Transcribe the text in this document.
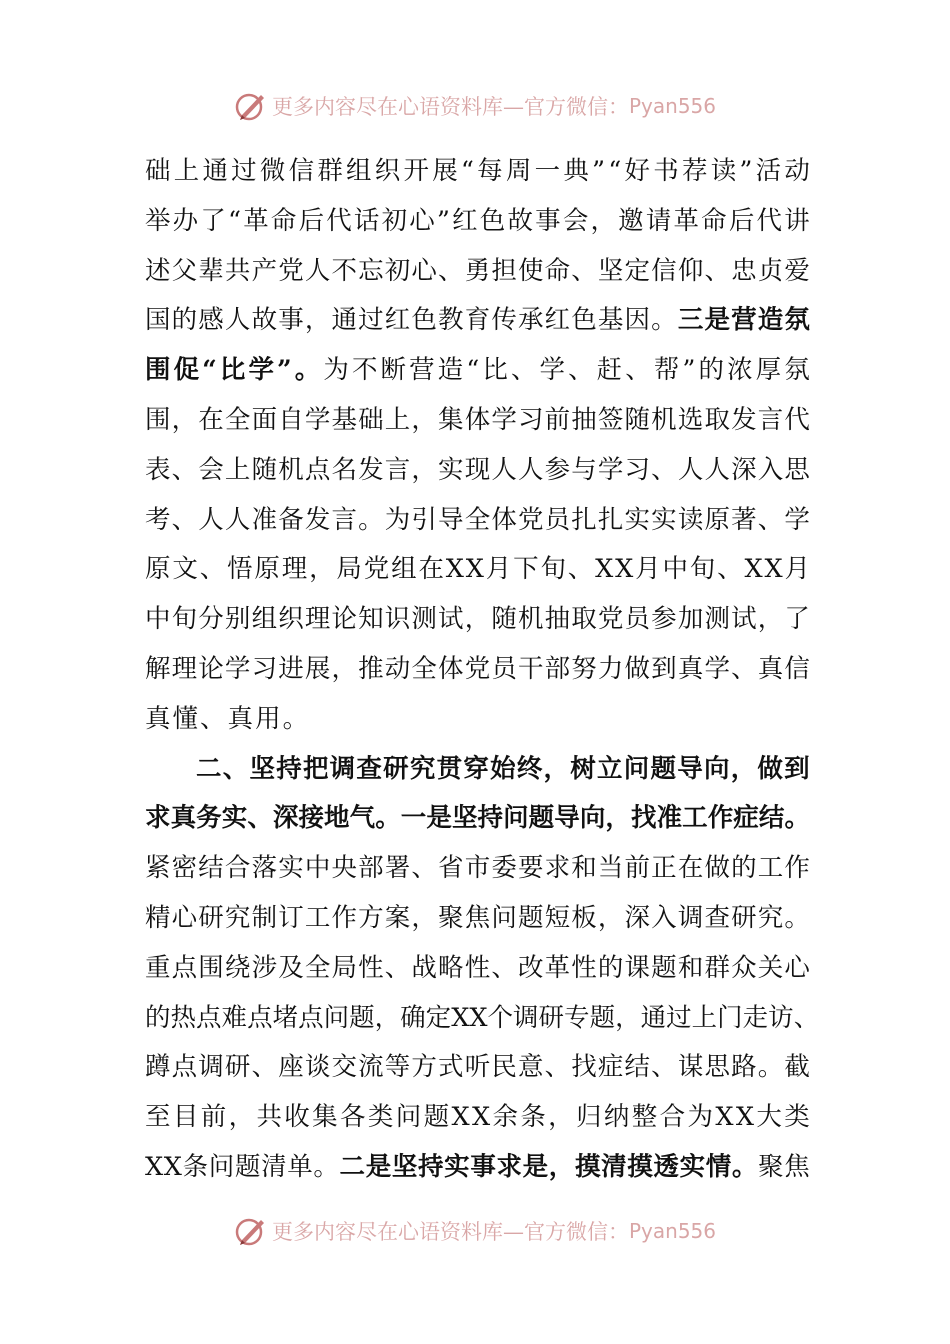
更多内容尽在心语资料库—官方微信： Pyan556
础 上 通 过 微 信 群 组 织 开 展 “ 每 周 一 典 ” “ 好 书 荐 读 ” 活 动
举 办 了 “ 革 命 后 代 话 初 心 ” 红 色 故 事 会 ， 邀 请 革 命 后 代 讲
述 父 辈 共 产 党 人 不 忘 初 心 、 勇 担 使 命 、 坚 定 信 仰 、 忠 贞 爱
国 的 感 人 故 事 ， 通 过 红 色 教 育 传 承 红 色 基 因 。 三 是 营 造 氛
围 促 “ 比 学 ” 。 为 不 断 营 造 “ 比 、 学 、 赶 、 帮 ” 的 浓 厚 氛
围 ， 在 全 面 自 学 基 础 上 ， 集 体 学 习 前 抽 签 随 机 选 取 发 言 代
表 、 会 上 随 机 点 名 发 言 ， 实 现 人 人 参 与 学 习 、 人 人 深 入 思
考 、 人 人 准 备 发 言 。 为 引 导 全 体 党 员 扎 扎 实 实 读 原 著 、 学
原 文 、 悟 原 理 ， 局 党 组 在 X X 月 下 旬 、 X X 月 中 旬 、 X X 月
中 旬 分 别 组 织 理 论 知 识 测 试 ， 随 机 抽 取 党 员 参 加 测 试 ， 了
解 理 论 学 习 进 展 ， 推 动 全 体 党 员 干 部 努 力 做 到 真 学 、 真 信
真 懂 、 真 用 。
二 、 坚 持 把 调 查 研 究 贯 穿 始 终 ， 树 立 问 题 导 向 ， 做 到
求 真 务 实 、 深 接 地 气 。 一 是 坚 持 问 题 导 向 ， 找 准 工 作 症 结 。
紧 密 结 合 落 实 中 央 部 署 、 省 市 委 要 求 和 当 前 正 在 做 的 工 作
精 心 研 究 制 订 工 作 方 案 ， 聚 焦 问 题 短 板 ， 深 入 调 查 研 究 。
重 点 围 绕 涉 及 全 局 性 、 战 略 性 、 改 革 性 的 课 题 和 群 众 关 心
的 热 点 难 点 堵 点 问 题 ， 确 定 X X 个 调 研 专 题 ， 通 过 上 门 走 访 、
蹲 点 调 研 、 座 谈 交 流 等 方 式 听 民 意 、 找 症 结 、 谋 思 路 。 截
至 目 前 ， 共 收 集 各 类 问 题 X X 余 条 ， 归 纳 整 合 为 X X 大 类
X X 条 问 题 清 单 。 二 是 坚 持 实 事 求 是 ， 摸 清 摸 透 实 情 。 聚 焦
更多内容尽在心语资料库—官方微信： Pyan556
